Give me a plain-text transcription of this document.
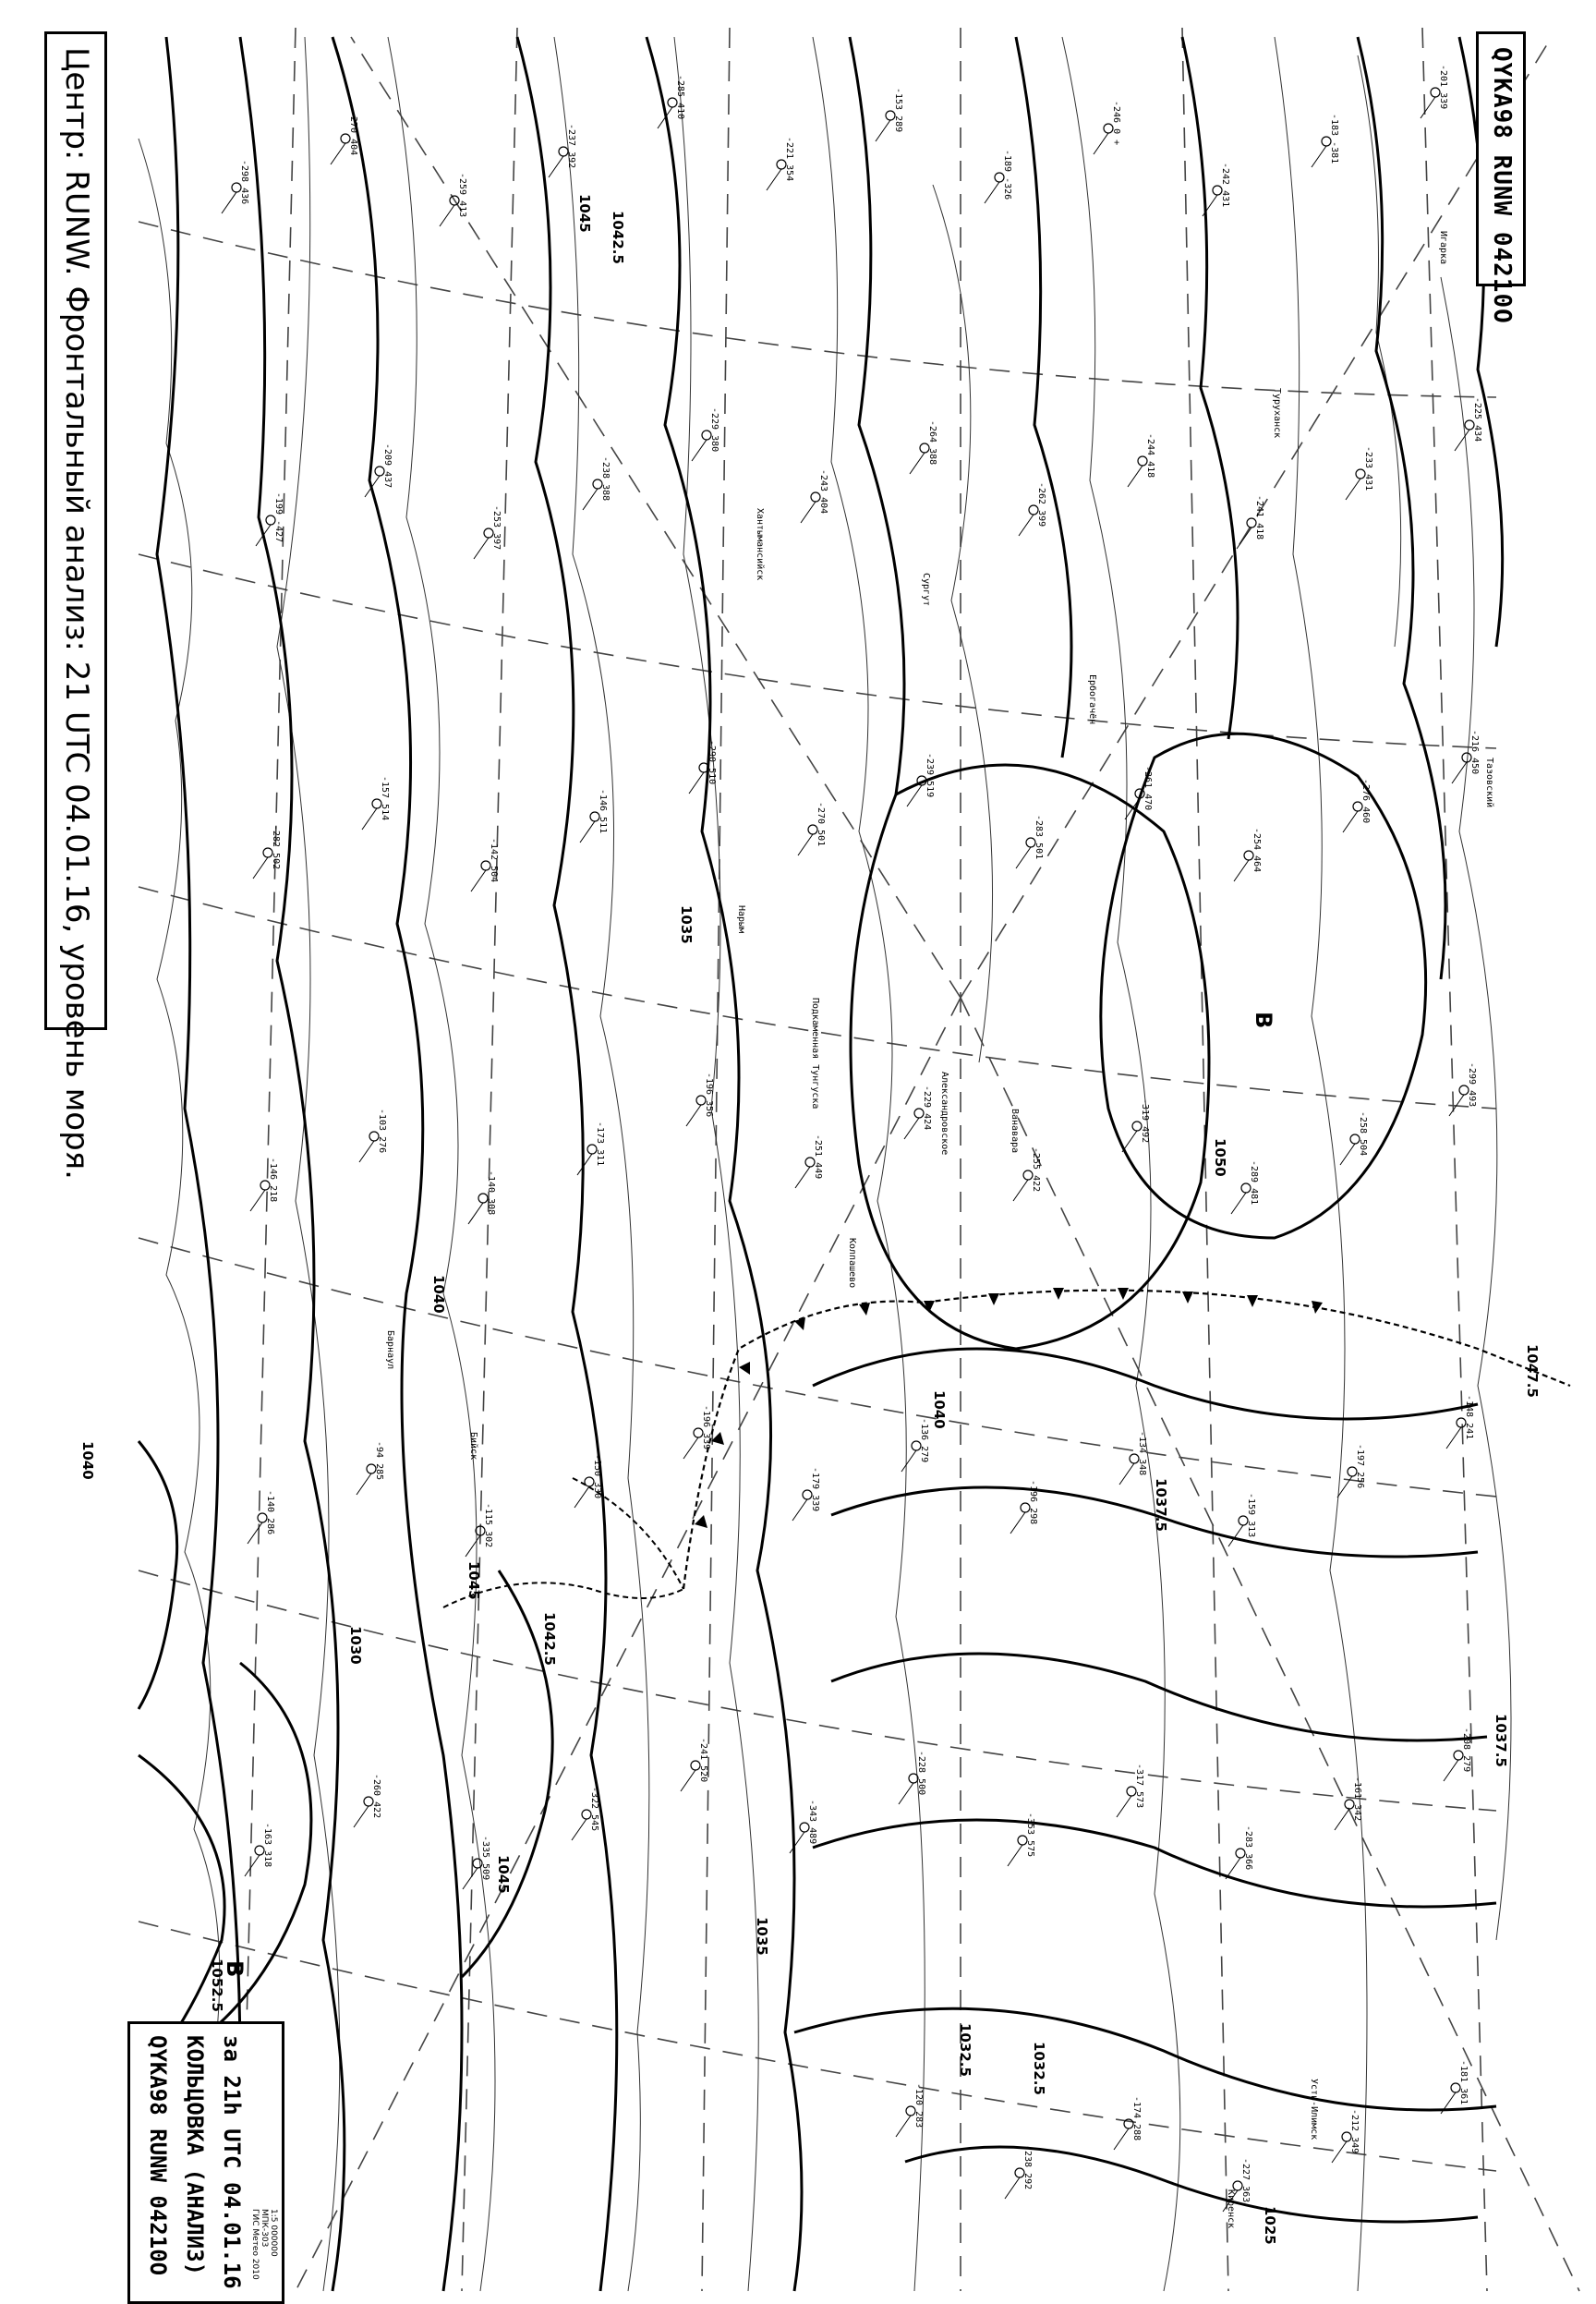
1045 1042.5
1040
1037.5
1035
1050
1047.5
1045
1042.5
1040
1035
1032.5
1052.5
1045
1037.5
1025
1030
1032.5
1040
-201 339
-183 -381
-242 431
-246 0 +
-189 -326
-153 289
-221 354
-285 410
-237 392
-259 413
-270 404
-298 436
-225 434
-233 431
-241 418
-244 418
-262 399
-264 388
-243 404
-229 380
-238 388
-253 397
-209 437
-199 -427
-216 450
-276 460
-254 464
-261 470
-283 501
-239 519
-270 501
-290 510
-146 511
-142 504
-157 514
-282 502
-299 493
-258 504
-289 481
-319 492
-255 422
-229 424
-251 449
-196 356
-173 311
-140 308
-103 276
-146 218
-148 241
-197 256
-159 313
-134 348
-196 298
-136 279
-179 339
-196 339
-150 330
-115 302
-94 285
-140 286
-208 279
-161 342
-283 366
-317 573
-353 575
-228 500
-343 489
-241 520
-322 545
-335 509
-260 422
-163 318
-181 361
-212 349
-227 363
-174 288
-238 292
-120 283
Тазовский
Ванавара
Ербогачён
Киренск
Подкаменная Тунгуска
Александровское
Колпашево
Бийск
Барнаул
Хантымансийск
Сургут
Усть-Илимск
Игарка
Туруханск
Нарым
В
В
QYKA98 RUNW 04210O
Центр: RUNW. Фронтальный анализ: 21 UTC 04.01.16, уровень моря.
QYKA98 RUNW 04210O КОЛЬЦОВКА (АНАЛИЗ) за 21h UTC 04.01.16 ГИС Метео 2010 МПК-303 1:5 000000
